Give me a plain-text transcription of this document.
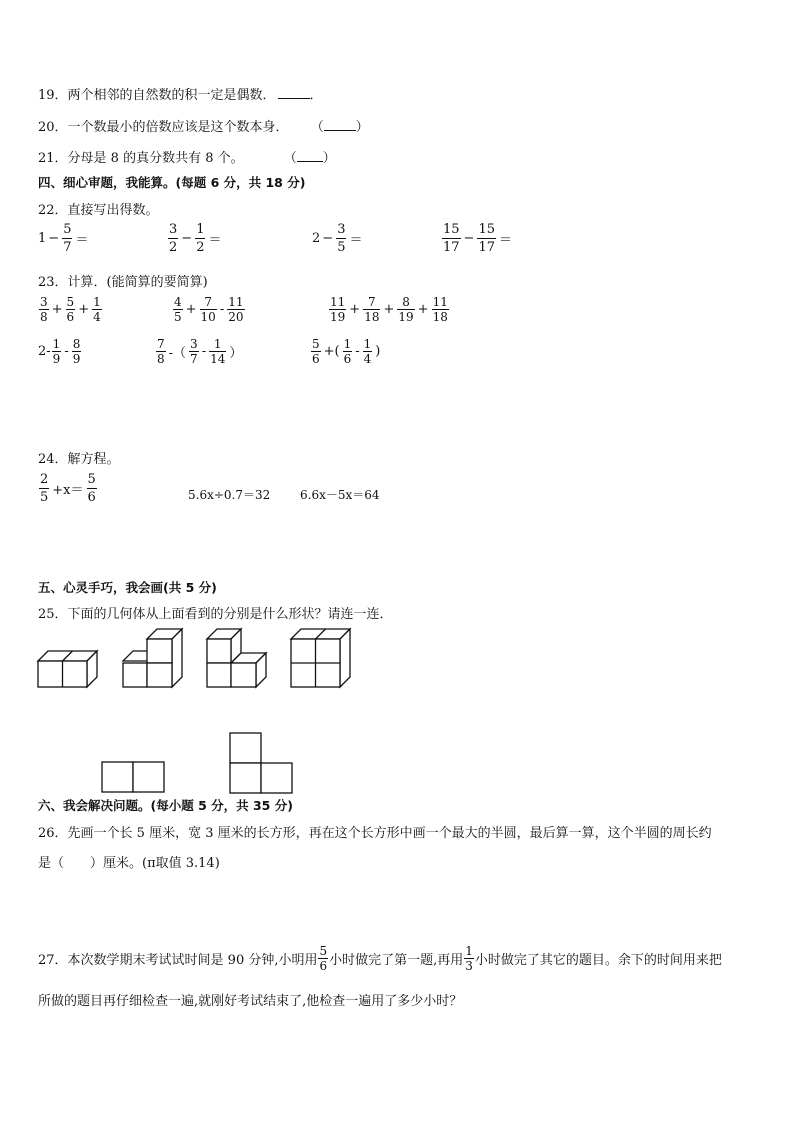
19．两个相邻的自然数的积一定是偶数．	．
20．一个数最小的倍数应该是这个数本身． （ ）
21．分母是 8 的真分数共有 8 个。	（ ）
四、细心审题，我能算。(每题 6 分，共 18 分)
22．直接写出得数。
$1 - \frac{5}{7}$ ＝	$\frac{3}{2} - \frac{1}{2}$ ＝	$2 - \frac{3}{5}$ ＝	$\frac{15}{17} - \frac{15}{17}$ ＝
23．计算．(能简算的要简算)
$\frac{3}{8} + \frac{5}{6} + \frac{1}{4}$	$\frac{4}{5} + \frac{7}{10} - \frac{11}{20}$	$\frac{11}{19} + \frac{7}{18} + \frac{8}{19} + \frac{11}{18}$
$2- \frac{1}{9} - \frac{8}{9}$	$\frac{7}{8}$ -（ $\frac{3}{7} - \frac{1}{14}$ ）	$\frac{5}{6}$ +( $\frac{1}{6} - \frac{1}{4}$ )
24．解方程。
$\frac{2}{5} +x= \frac{5}{6}$	5.6x÷0.7＝32 6.6x－5x＝64
五、心灵手巧，我会画(共 5 分)
25．下面的几何体从上面看到的分别是什么形状？请连一连．
六、我会解决问题。(每小题 5 分，共 35 分)
26．先画一个长 5 厘米，宽 3 厘米的长方形，再在这个长方形中画一个最大的半圆，最后算一算，这个半圆的周长约
是（　　）厘米。(π取值 3.14)
27．本次数学期末考试试时间是 90 分钟,小明用 $\frac{5}{6}$ 小时做完了第一题,再用 $\frac{1}{3}$ 小时做完了其它的题目。余下的时间用来把
所做的题目再仔细检查一遍,就刚好考试结束了,他检查一遍用了多少小时？
